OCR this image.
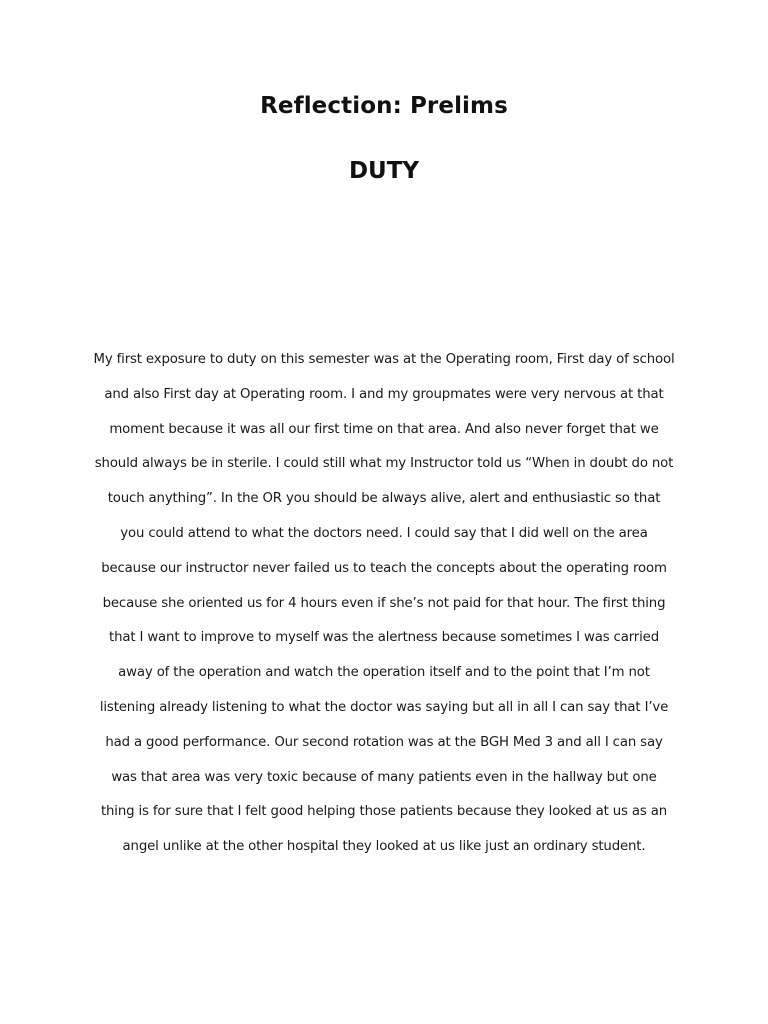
Reflection: Prelims
DUTY
My first exposure to duty on this semester was at the Operating room, First day of school
and also First day at Operating room. I and my groupmates were very nervous at that
moment because it was all our first time on that area. And also never forget that we
should always be in sterile. I could still what my Instructor told us “When in doubt do not
touch anything”. In the OR you should be always alive, alert and enthusiastic so that
you could attend to what the doctors need. I could say that I did well on the area
because our instructor never failed us to teach the concepts about the operating room
because she oriented us for 4 hours even if she’s not paid for that hour. The first thing
that I want to improve to myself was the alertness because sometimes I was carried
away of the operation and watch the operation itself and to the point that I’m not
listening already listening to what the doctor was saying but all in all I can say that I’ve
had a good performance. Our second rotation was at the BGH Med 3 and all I can say
was that area was very toxic because of many patients even in the hallway but one
thing is for sure that I felt good helping those patients because they looked at us as an
angel unlike at the other hospital they looked at us like just an ordinary student.
